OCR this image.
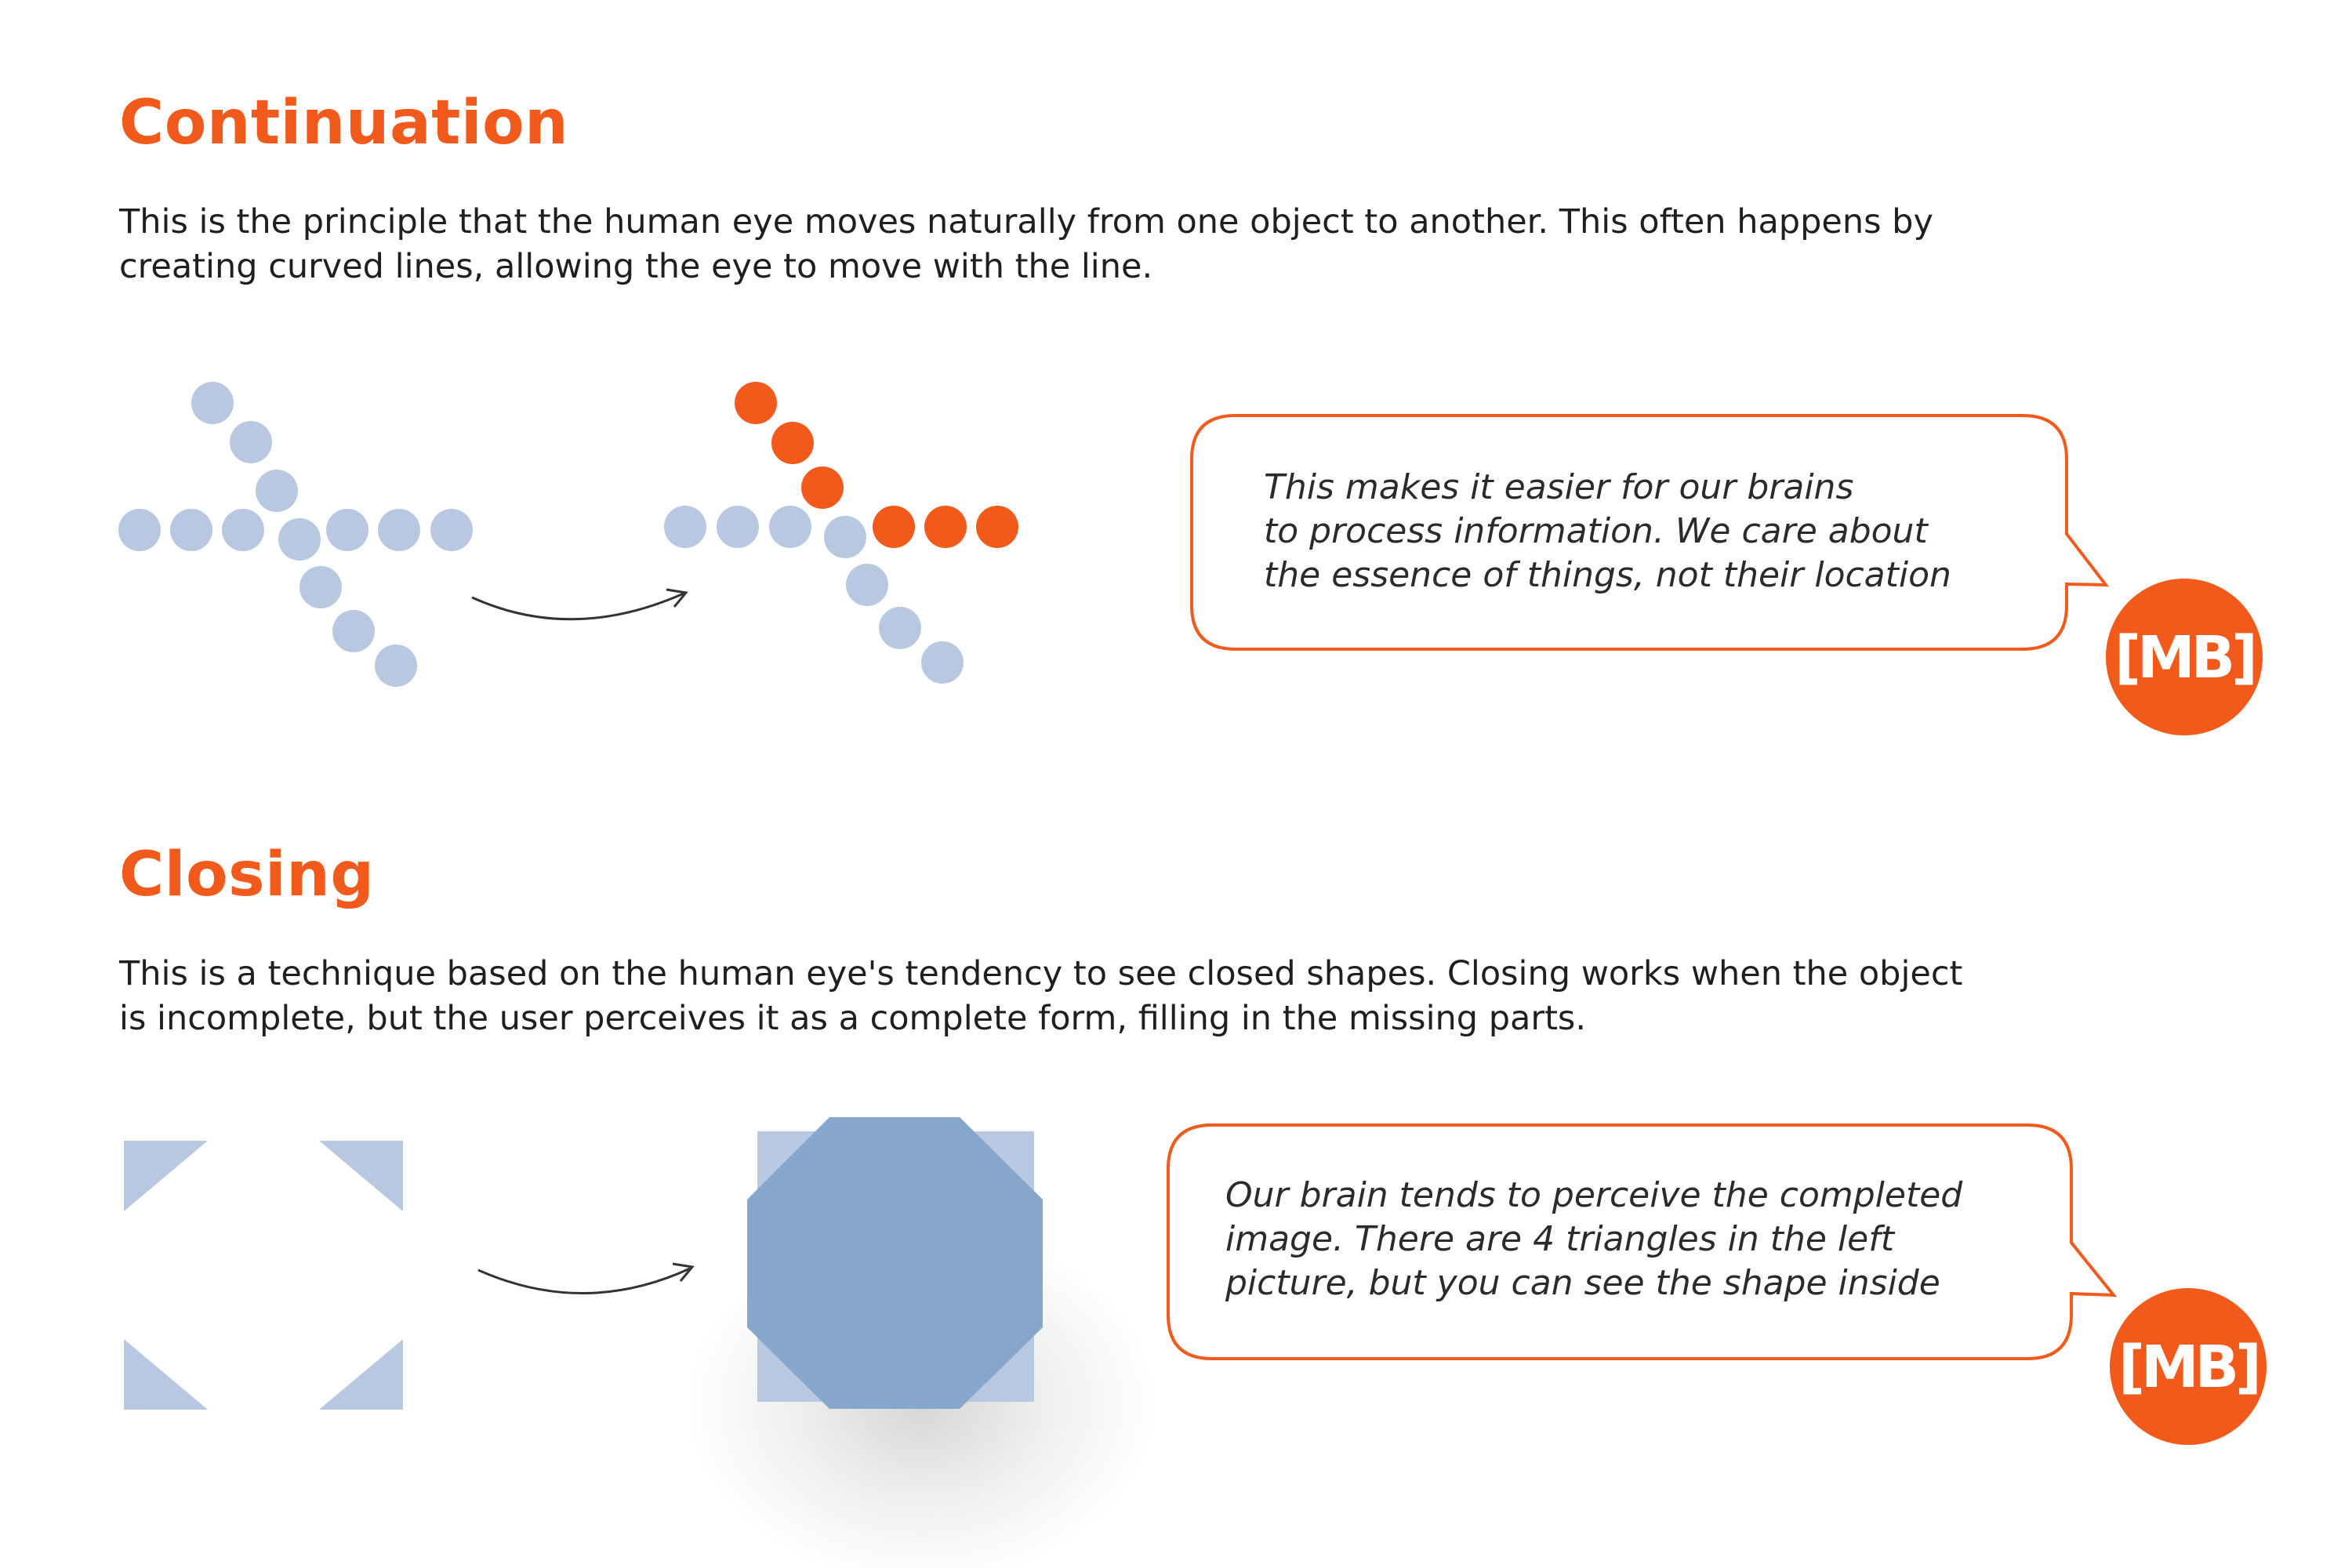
Continuation

This is the principle that the human eye moves naturally from one object to another. This often happens by

creating curved lines, allowing the eye to move with the line.

[MB]

This makes it easier for our brains

to process information. We care about

the essence of things, not their location

Closing

This is a technique based on the human eye's tendency to see closed shapes. Closing works when the object

is incomplete, but the user perceives it as a complete form, filling in the missing parts.

[MB]

Our brain tends to perceive the completed

image. There are 4 triangles in the left

picture, but you can see the shape inside
